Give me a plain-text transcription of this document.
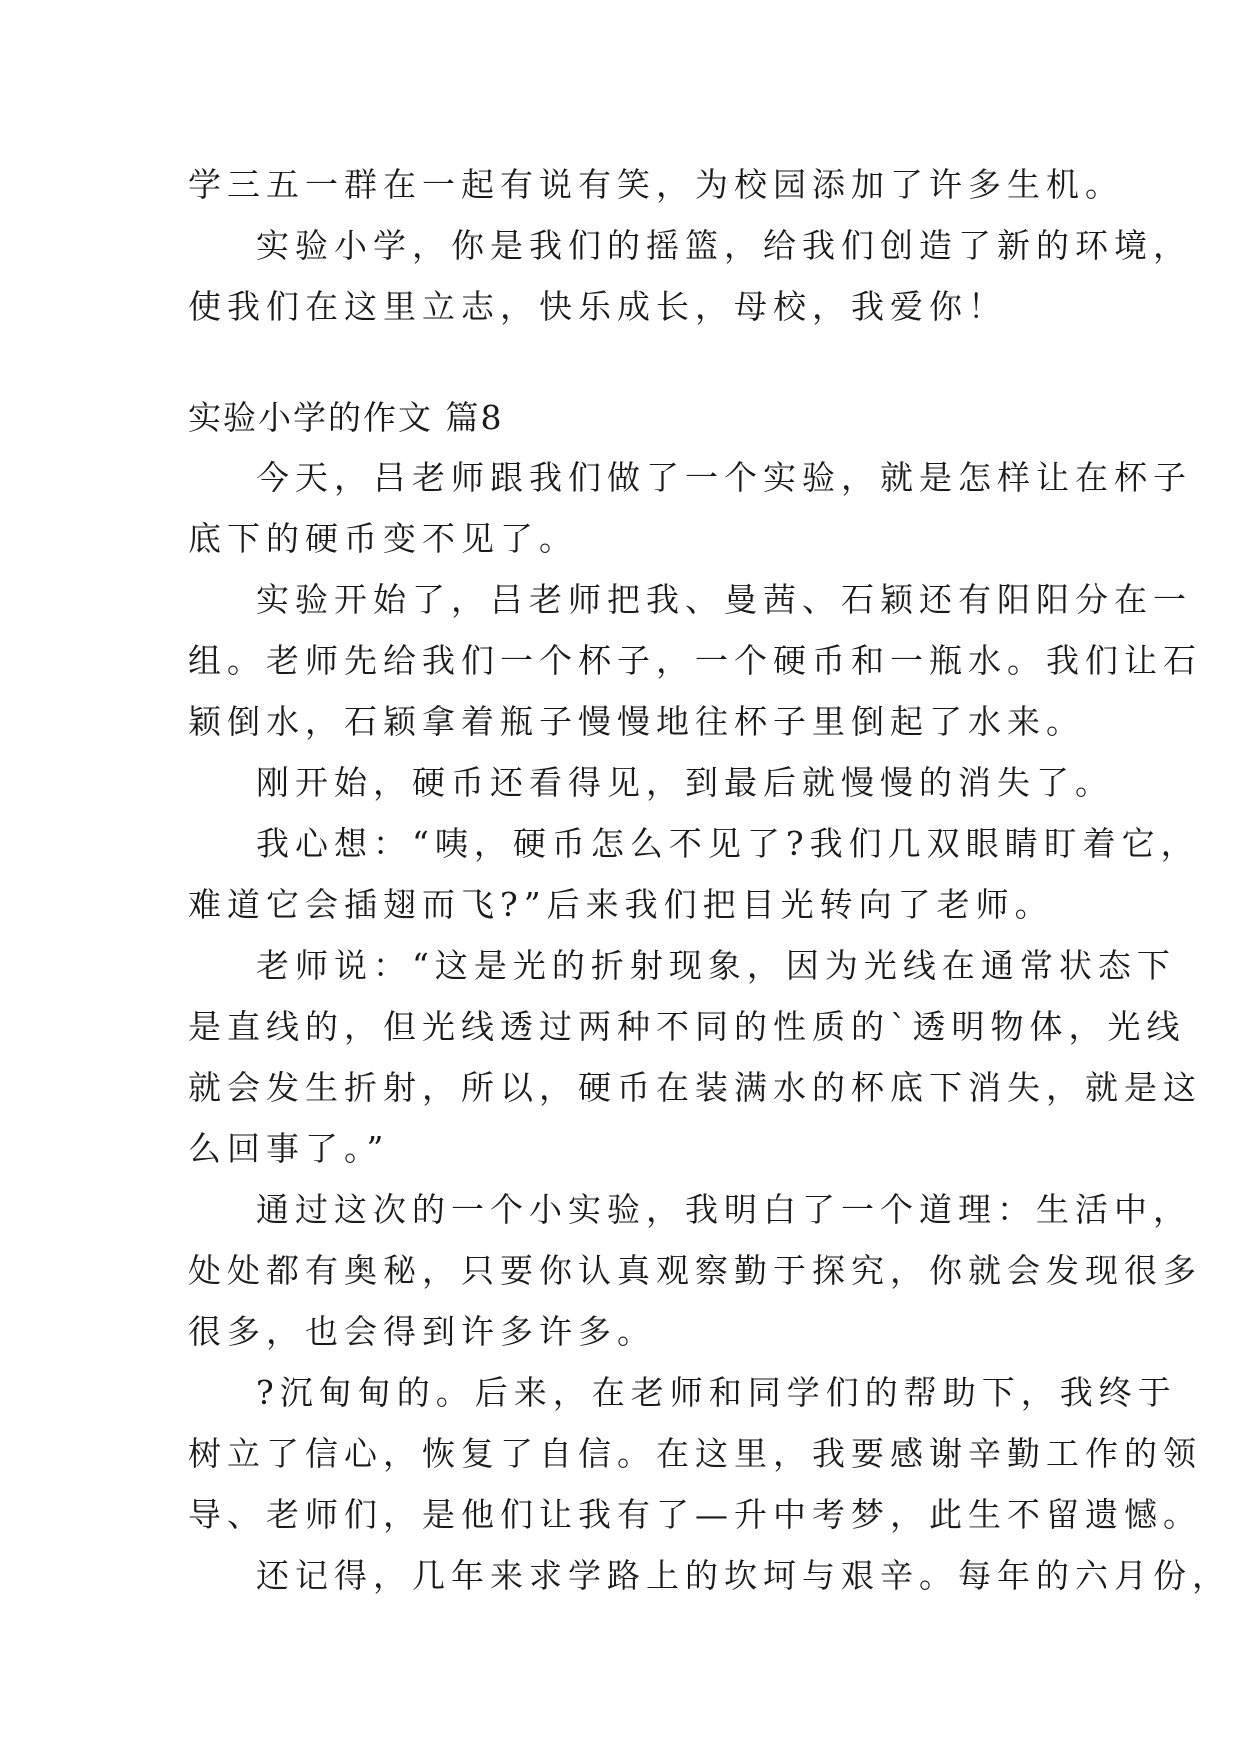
学三五一群在一起有说有笑，为校园添加了许多生机。
实验小学，你是我们的摇篮，给我们创造了新的环境，
使我们在这里立志，快乐成长，母校，我爱你！
实验小学的作文 篇8
今天，吕老师跟我们做了一个实验，就是怎样让在杯子
底下的硬币变不见了。
实验开始了，吕老师把我、曼茜、石颖还有阳阳分在一
组。老师先给我们一个杯子，一个硬币和一瓶水。我们让石
颖倒水，石颖拿着瓶子慢慢地往杯子里倒起了水来。
刚开始，硬币还看得见，到最后就慢慢的消失了。
我心想：“咦，硬币怎么不见了?我们几双眼睛盯着它，
难道它会插翅而飞?”后来我们把目光转向了老师。
老师说：“这是光的折射现象，因为光线在通常状态下
是直线的，但光线透过两种不同的性质的`透明物体，光线
就会发生折射，所以，硬币在装满水的杯底下消失，就是这
么回事了。”
通过这次的一个小实验，我明白了一个道理：生活中，
处处都有奥秘，只要你认真观察勤于探究，你就会发现很多
很多，也会得到许多许多。
?沉甸甸的。后来，在老师和同学们的帮助下，我终于
树立了信心，恢复了自信。在这里，我要感谢辛勤工作的领
导、老师们，是他们让我有了—升中考梦，此生不留遗憾。
还记得，几年来求学路上的坎坷与艰辛。每年的六月份，
